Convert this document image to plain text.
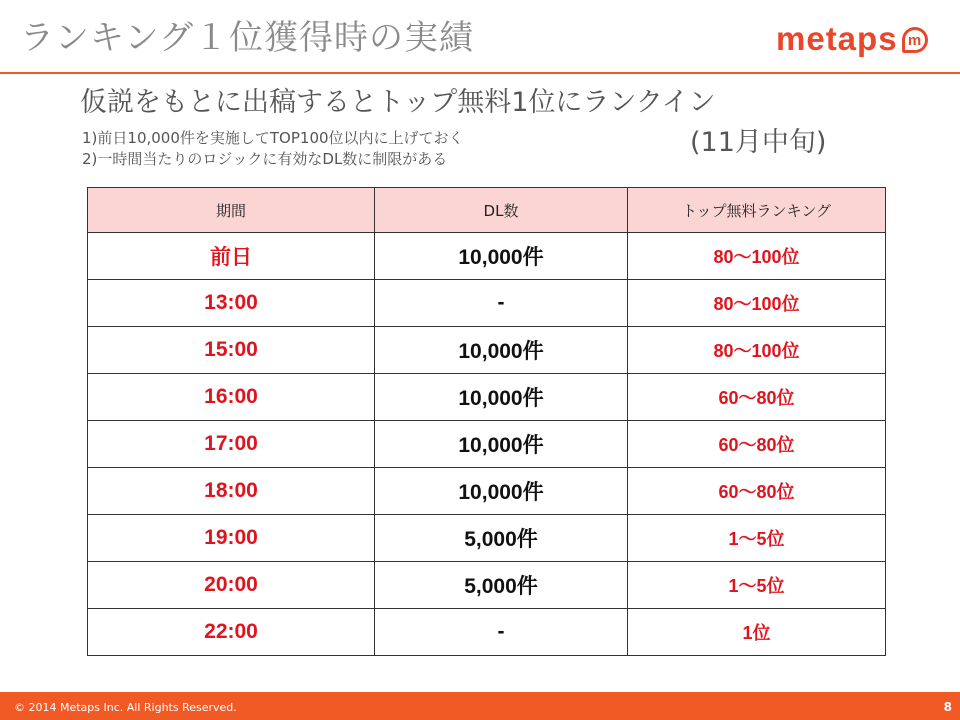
ランキング１位獲得時の実績	metaps m
仮説をもとに出稿するとトップ無料1位にランクイン
(11月中旬)
1)前日10,000件を実施してTOP100位以内に上げておく
2)一時間当たりのロジックに有効なDL数に制限がある
期間	DL数	トップ無料ランキング
前日	10,000件	80～100位
13:00	-	80～100位
15:00	10,000件	80～100位
16:00	10,000件	60～80位
17:00	10,000件	60～80位
18:00	10,000件	60～80位
19:00	5,000件	1～5位
20:00	5,000件	1～5位
22:00	-	1位
© 2014 Metaps Inc. All Rights Reserved.	8
